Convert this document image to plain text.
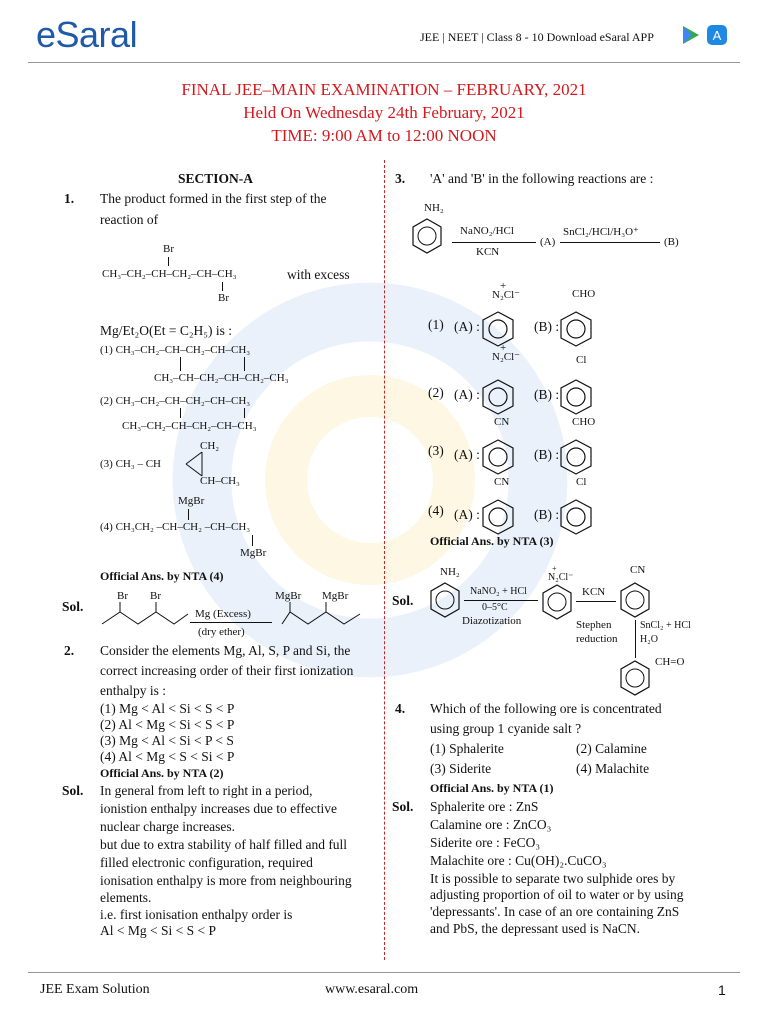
eSaral	JEE | NEET | Class 8 - 10 Download eSaral APP
	A
FINAL JEE–MAIN EXAMINATION – FEBRUARY, 2021
Held On Wednesday 24th February, 2021
TIME: 9:00 AM to 12:00 NOON
SECTION-A
1. The product formed in the first step of the
reaction of
Br
CH₃–CH₂–CH–CH₂–CH–CH₃	with excess
Br
Mg/Et₂O(Et = C₂H₅) is :
(1) CH₃–CH₂–CH–CH₂–CH–CH₃
CH₃–CH–CH₂–CH–CH₂–CH₃
(2) CH₃–CH₂–CH–CH₂–CH–CH₃
CH₃–CH₂–CH–CH₂–CH–CH₃
CH₂
(3) CH₃ – CH
CH–CH₃
MgBr
(4) CH₃CH₂ –CH–CH₂ –CH–CH₃
MgBr
Official Ans. by NTA (4)
Sol.
Br Br
Mg (Excess)
(dry ether)
MgBr MgBr
2. Consider the elements Mg, Al, S, P and Si, the
correct increasing order of their first ionization
enthalpy is :
(1) Mg < Al < Si < S < P
(2) Al < Mg < Si < S < P
(3) Mg < Al < Si < P < S
(4) Al < Mg < S < Si < P
Official Ans. by NTA (2)
Sol. In general from left to right in a period,
ionistion enthalpy increases due to effective
nuclear charge increases.
but due to extra stability of half filled and full
filled electronic configuration, required
ionisation enthalpy is more from neighbouring
elements.
i.e. first ionisation enthalpy order is
Al < Mg < Si < S < P
3. 'A' and 'B' in the following reactions are :
NH₂
NaNO₂/HCl
KCN
(A)
SnCl₂/HCl/H₃O⁺
(B)
+
N₂Cl⁻	CHO
(1) (A) :	(B) :
+
N₂Cl⁻	Cl
(2) (A) :	(B) :
CN	CHO
(3) (A) :	(B) :
CN	Cl
(4) (A) :	(B) :
Official Ans. by NTA (3)
Sol.
NH₂
NaNO₂ + HCl
0–5°C
Diazotization
+
N₂Cl⁻
KCN
CN
Stephen
reduction
SnCl₂ + HCl
H₂O
CH=O
4. Which of the following ore is concentrated
using group 1 cyanide salt ?
(1) Sphalerite	(2) Calamine
(3) Siderite	(4) Malachite
Official Ans. by NTA (1)
Sol. Sphalerite ore : ZnS
Calamine ore : ZnCO₃
Siderite ore : FeCO₃
Malachite ore : Cu(OH)₂.CuCO₃
It is possible to separate two sulphide ores by
adjusting proportion of oil to water or by using
'depressants'. In case of an ore containing ZnS
and PbS, the depressant used is NaCN.
JEE Exam Solution	www.esaral.com	1
